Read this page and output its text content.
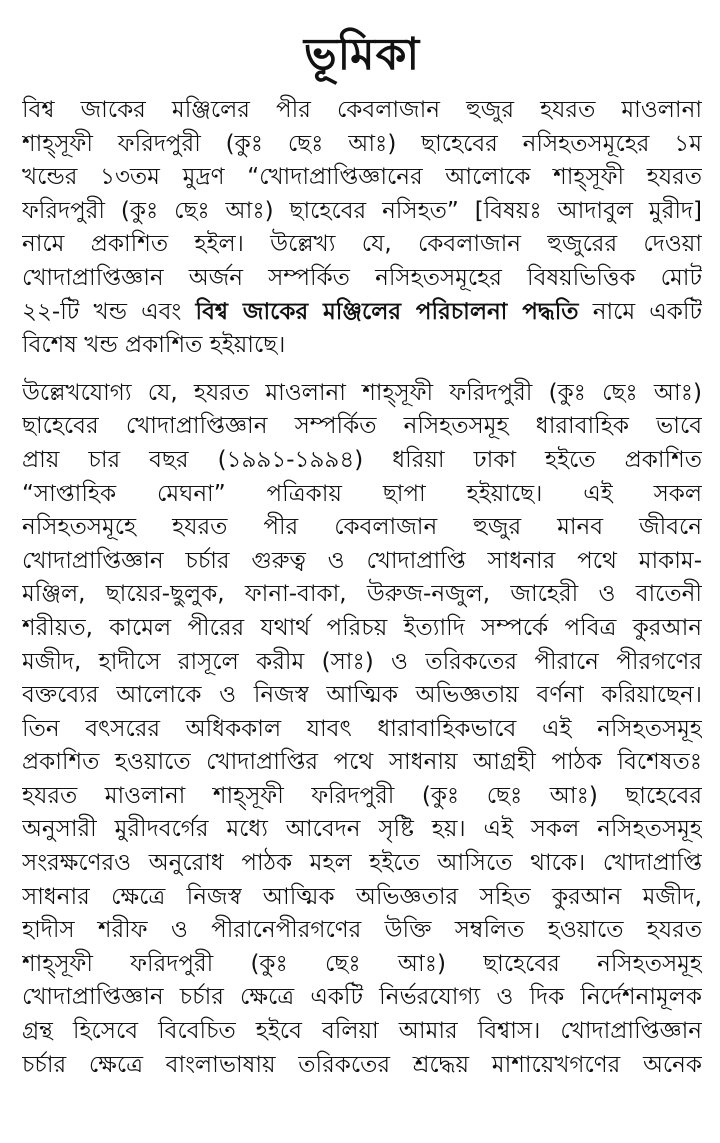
ভূমিকা
বিশ্ব জাকের মঞ্জিলের পীর কেবলাজান হুজুর হযরত মাওলানা
শাহ্‌সূফী ফরিদপুরী (কুঃ ছেঃ আঃ) ছাহেবের নসিহতসমূহের ১ম
খন্ডের ১৩তম মুদ্রণ “খোদাপ্রাপ্তিজ্ঞানের আলোকে শাহ্‌সূফী হযরত
ফরিদপুরী (কুঃ ছেঃ আঃ) ছাহেবের নসিহত” [বিষয়ঃ আদাবুল মুরীদ]
নামে প্রকাশিত হইল। উল্লেখ্য যে, কেবলাজান হুজুরের দেওয়া
খোদাপ্রাপ্তিজ্ঞান অর্জন সম্পর্কিত নসিহতসমূহের বিষয়ভিত্তিক মোট
২২-টি খন্ড এবং বিশ্ব জাকের মঞ্জিলের পরিচালনা পদ্ধতি নামে একটি
বিশেষ খন্ড প্রকাশিত হইয়াছে।
উল্লেখযোগ্য যে, হযরত মাওলানা শাহ্‌সূফী ফরিদপুরী (কুঃ ছেঃ আঃ)
ছাহেবের খোদাপ্রাপ্তিজ্ঞান সম্পর্কিত নসিহতসমূহ ধারাবাহিক ভাবে
প্রায় চার বছর (১৯৯১-১৯৯৪) ধরিয়া ঢাকা হইতে প্রকাশিত
“সাপ্তাহিক মেঘনা” পত্রিকায় ছাপা হইয়াছে। এই সকল
নসিহতসমূহে হযরত পীর কেবলাজান হুজুর মানব জীবনে
খোদাপ্রাপ্তিজ্ঞান চর্চার গুরুত্ব ও খোদাপ্রাপ্তি সাধনার পথে মাকাম-
মঞ্জিল, ছায়ের-ছুলুক, ফানা-বাকা, উরুজ-নজুল, জাহেরী ও বাতেনী
শরীয়ত, কামেল পীরের যথার্থ পরিচয় ইত্যাদি সম্পর্কে পবিত্র কুরআন
মজীদ, হাদীসে রাসূলে করীম (সাঃ) ও তরিকতের পীরানে পীরগণের
বক্তব্যের আলোকে ও নিজস্ব আত্মিক অভিজ্ঞতায় বর্ণনা করিয়াছেন।
তিন বৎসরের অধিককাল যাবৎ ধারাবাহিকভাবে এই নসিহতসমূহ
প্রকাশিত হওয়াতে খোদাপ্রাপ্তির পথে সাধনায় আগ্রহী পাঠক বিশেষতঃ
হযরত মাওলানা শাহ্‌সূফী ফরিদপুরী (কুঃ ছেঃ আঃ) ছাহেবের
অনুসারী মুরীদবর্গের মধ্যে আবেদন সৃষ্টি হয়। এই সকল নসিহতসমূহ
সংরক্ষণেরও অনুরোধ পাঠক মহল হইতে আসিতে থাকে। খোদাপ্রাপ্তি
সাধনার ক্ষেত্রে নিজস্ব আত্মিক অভিজ্ঞতার সহিত কুরআন মজীদ,
হাদীস শরীফ ও পীরানেপীরগণের উক্তি সম্বলিত হওয়াতে হযরত
শাহ্‌সূফী ফরিদপুরী (কুঃ ছেঃ আঃ) ছাহেবের নসিহতসমূহ
খোদাপ্রাপ্তিজ্ঞান চর্চার ক্ষেত্রে একটি নির্ভরযোগ্য ও দিক নির্দেশনামূলক
গ্রন্থ হিসেবে বিবেচিত হইবে বলিয়া আমার বিশ্বাস। খোদাপ্রাপ্তিজ্ঞান
চর্চার ক্ষেত্রে বাংলাভাষায় তরিকতের শ্রদ্ধেয় মাশায়েখগণের অনেক
